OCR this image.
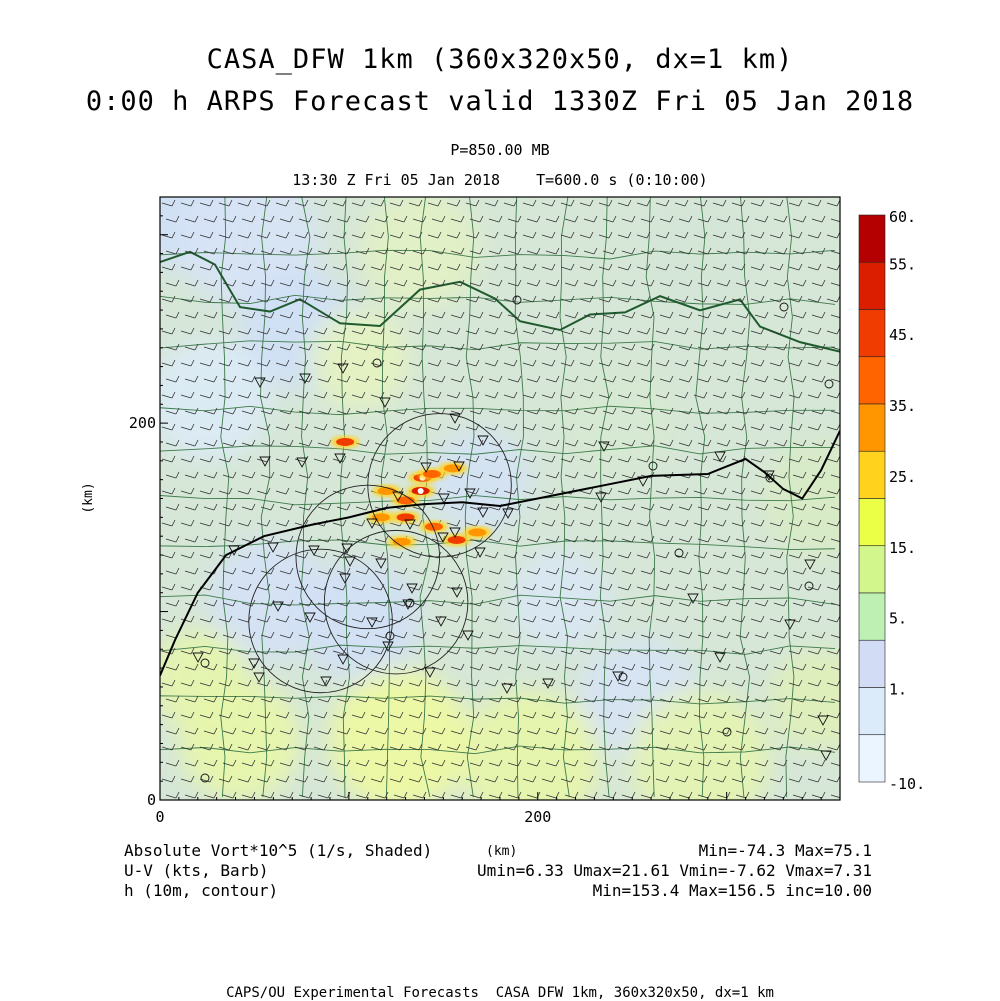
CASA_DFW 1km (360x320x50, dx=1 km)
0:00 h ARPS Forecast valid 1330Z Fri 05 Jan 2018
P=850.00 MB
13:30 Z Fri 05 Jan 2018    T=600.0 s (0:10:00)
0	200
0
200
(km)
60.
55.
45.
35.
25.
15.
5.
1.
-10.
Absolute Vort*10^5 (1/s, Shaded)
U-V (kts, Barb)
h (10m, contour)
(km)	Min=-74.3 Max=75.1
Umin=6.33 Umax=21.61 Vmin=-7.62 Vmax=7.31
Min=153.4 Max=156.5 inc=10.00
CAPS/OU Experimental Forecasts  CASA DFW 1km, 360x320x50, dx=1 km
